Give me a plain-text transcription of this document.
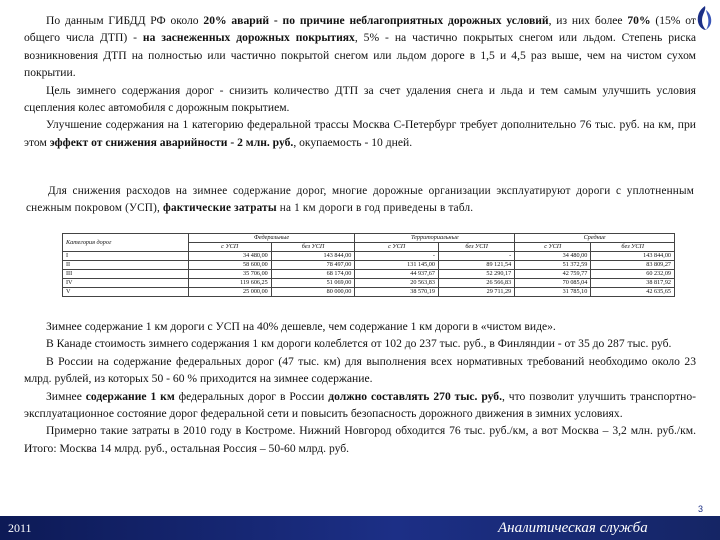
По данным ГИБДД РФ около 20% аварий - по причине неблагоприятных дорожных условий, из них более 70% (15% от общего числа ДТП) - на заснеженных дорожных покрытиях, 5% - на частично покрытых снегом или льдом. Степень риска возникновения ДТП на полностью или частично покрытой снегом или льдом дороге в 1,5 и 4,5 раз выше, чем на чистом сухом покрытии.

Цель зимнего содержания дорог - снизить количество ДТП за счет удаления снега и льда и тем самым улучшить условия сцепления колес автомобиля с дорожным покрытием.

Улучшение содержания на 1 категорию федеральной трассы Москва С-Петербург требует дополнительно 76 тыс. руб. на км, при этом эффект от снижения аварийности - 2 млн. руб., окупаемость - 10 дней.

Для снижения расходов на зимнее содержание дорог, многие дорожные организации эксплуатируют дороги с уплотненным снежным покровом (УСП), фактические затраты на 1 км дороги в год приведены в табл.

Категория дорог	Федеральные		Территориальные		Средние	
	с УСП	без УСП	с УСП	без УСП	с УСП	без УСП
I	34 480,00	143 844,00	-	-	34 480,00	143 844,00
II	58 600,00	78 497,00	131 145,00	89 121,54	51 372,59	83 809,27
III	35 706,00	68 174,00	44 937,67	52 290,17	42 759,77	60 232,09
IV	119 606,25	51 069,00	20 563,83	26 566,83	70 085,04	38 817,92
V	25 000,00	80 000,00	38 570,19	29 711,29	31 785,10	42 635,65

Зимнее содержание 1 км дороги с УСП на 40% дешевле, чем содержание 1 км дороги в «чистом виде».

В Канаде стоимость зимнего содержания 1 км дороги колеблется от 102 до 237 тыс. руб., в Финляндии - от 35 до 287 тыс. руб.

В России на содержание федеральных дорог (47 тыс. км) для выполнения всех нормативных требований необходимо около 23 млрд. рублей, из которых 50 - 60 % приходится на зимнее содержание.

Зимнее содержание 1 км федеральных дорог в России должно составлять 270 тыс. руб., что позволит улучшить транспортно-эксплуатационное состояние дорог федеральной сети и повысить безопасность дорожного движения в зимних условиях.

Примерно такие затраты в 2010 году в Костроме. Нижний Новгород обходится 76 тыс. руб./км, а вот Москва – 3,2 млн. руб./км. Итого: Москва 14 млрд. руб., остальная Россия – 50-60 млрд. руб.

3
2011	Аналитическая служба
